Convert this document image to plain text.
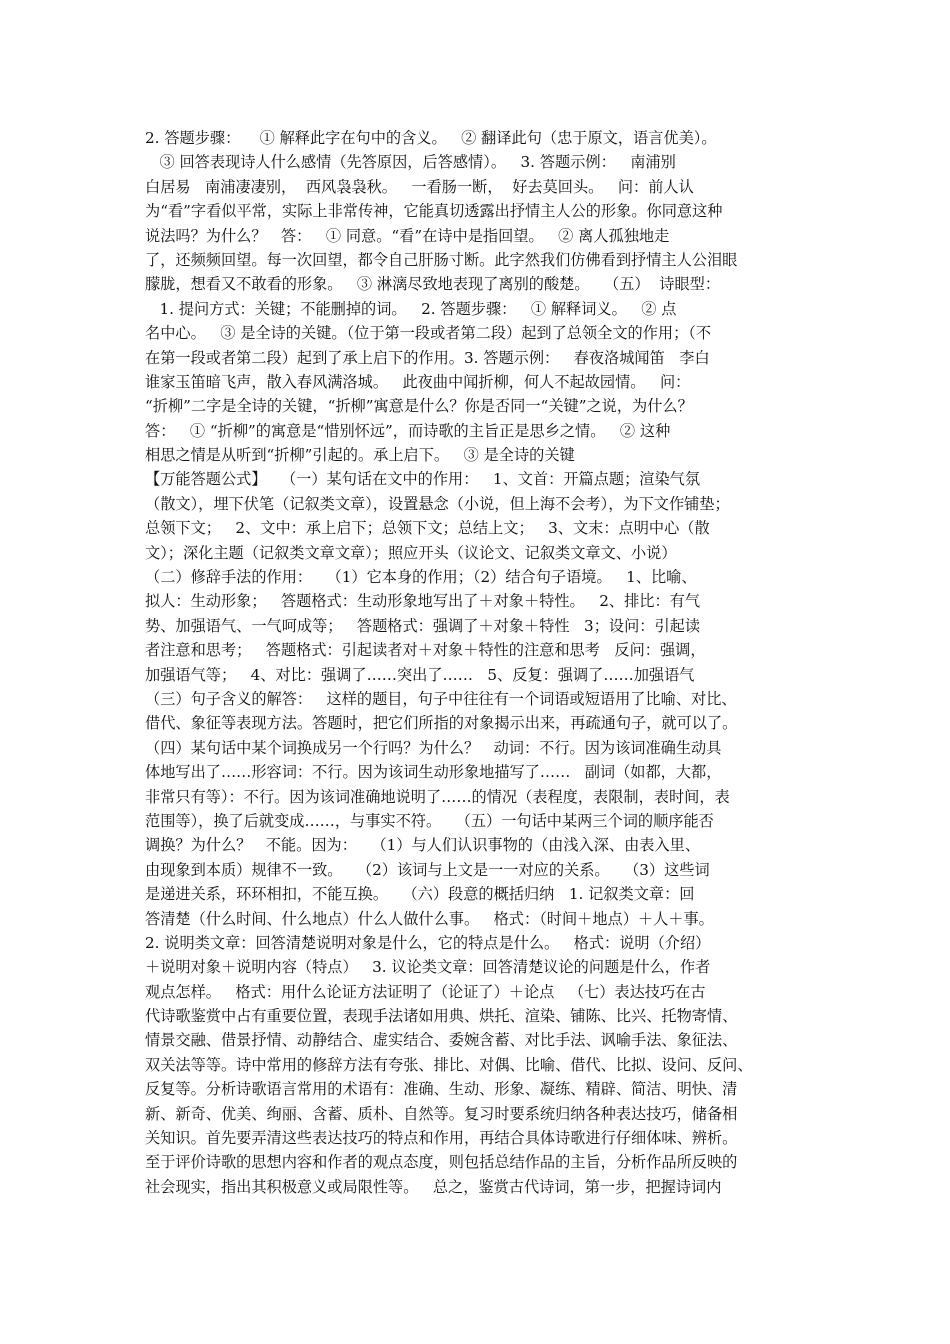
2. 答题步骤：    ① 解释此字在句中的含义。   ② 翻译此句（忠于原文，语言优美）。
③ 回答表现诗人什么感情（先答原因，后答感情）。   3. 答题示例：   南浦别
白居易   南浦凄凄别，  西风袅袅秋。   一看肠一断，  好去莫回头。   问：前人认
为“看”字看似平常，实际上非常传神，它能真切透露出抒情主人公的形象。你同意这种
说法吗？为什么？   答：   ① 同意。“看”在诗中是指回望。   ② 离人孤独地走
了，还频频回望。每一次回望，都令自己肝肠寸断。此字然我们仿佛看到抒情主人公泪眼
朦胧，想看又不敢看的形象。   ③ 淋漓尽致地表现了离别的酸楚。   （五）  诗眼型：
1. 提问方式：关键；不能删掉的词。   2. 答题步骤：   ① 解释词义。   ② 点
名中心。   ③ 是全诗的关键。（位于第一段或者第二段）起到了总领全文的作用；（不
在第一段或者第二段）起到了承上启下的作用。3. 答题示例：   春夜洛城闻笛   李白
谁家玉笛暗飞声，散入春风满洛城。   此夜曲中闻折柳，何人不起故园情。   问：
“折柳”二字是全诗的关键，“折柳”寓意是什么？你是否同一“关键”之说，为什么？
答：   ① “折柳”的寓意是“惜别怀远”，而诗歌的主旨正是思乡之情。   ② 这种
相思之情是从听到“折柳”引起的。承上启下。   ③ 是全诗的关键
【万能答题公式】   （一）某句话在文中的作用：   1、文首：开篇点题；渲染气氛
（散文），埋下伏笔（记叙类文章），设置悬念（小说，但上海不会考），为下文作铺垫；
总领下文；   2、文中：承上启下；总领下文；总结上文；   3、文末：点明中心（散
文）；深化主题（记叙类文章文章）；照应开头（议论文、记叙类文章文、小说）
（二）修辞手法的作用：   （1）它本身的作用；（2）结合句子语境。   1、比喻、
拟人：生动形象；   答题格式：生动形象地写出了＋对象＋特性。   2、排比：有气
势、加强语气、一气呵成等；   答题格式：强调了＋对象＋特性   3；设问：引起读
者注意和思考；   答题格式：引起读者对＋对象＋特性的注意和思考   反问：强调，
加强语气等；   4、对比：强调了……突出了……   5、反复：强调了……加强语气
（三）句子含义的解答：   这样的题目，句子中往往有一个词语或短语用了比喻、对比、
借代、象征等表现方法。答题时，把它们所指的对象揭示出来，再疏通句子，就可以了。
（四）某句话中某个词换成另一个行吗？为什么？   动词：不行。因为该词准确生动具
体地写出了……形容词：不行。因为该词生动形象地描写了……   副词（如都，大都，
非常只有等）：不行。因为该词准确地说明了……的情况（表程度，表限制，表时间，表
范围等），换了后就变成……，与事实不符。   （五）一句话中某两三个词的顺序能否
调换？为什么？   不能。因为：   （1）与人们认识事物的（由浅入深、由表入里、
由现象到本质）规律不一致。   （2）该词与上文是一一对应的关系。   （3）这些词
是递进关系，环环相扣，不能互换。   （六）段意的概括归纳   1. 记叙类文章：回
答清楚（什么时间、什么地点）什么人做什么事。   格式：（时间＋地点）＋人＋事。
2. 说明类文章：回答清楚说明对象是什么，它的特点是什么。   格式：说明（介绍）
＋说明对象＋说明内容（特点）   3. 议论类文章：回答清楚议论的问题是什么，作者
观点怎样。   格式：用什么论证方法证明了（论证了）＋论点   （七）表达技巧在古
代诗歌鉴赏中占有重要位置，表现手法诸如用典、烘托、渲染、铺陈、比兴、托物寄情、
情景交融、借景抒情、动静结合、虚实结合、委婉含蓄、对比手法、讽喻手法、象征法、
双关法等等。诗中常用的修辞方法有夸张、排比、对偶、比喻、借代、比拟、设问、反问、
反复等。分析诗歌语言常用的术语有：准确、生动、形象、凝练、精辟、简洁、明快、清
新、新奇、优美、绚丽、含蓄、质朴、自然等。复习时要系统归纳各种表达技巧，储备相
关知识。首先要弄清这些表达技巧的特点和作用，再结合具体诗歌进行仔细体味、辨析。
至于评价诗歌的思想内容和作者的观点态度，则包括总结作品的主旨，分析作品所反映的
社会现实，指出其积极意义或局限性等。   总之，鉴赏古代诗词，第一步，把握诗词内
